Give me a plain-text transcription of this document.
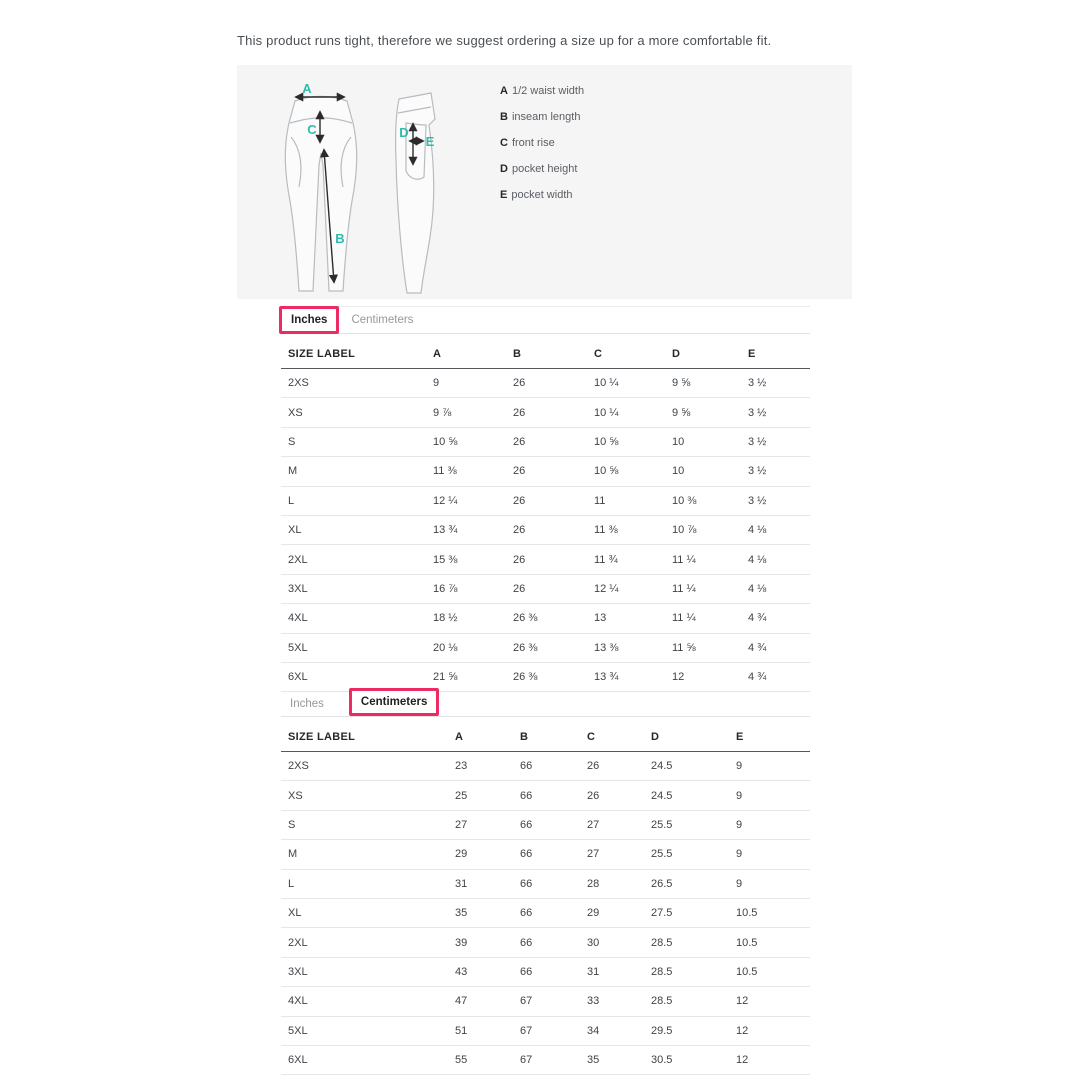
This product runs tight, therefore we suggest ordering a size up for a more comfortable fit.

A
B
C	D
E
A 1/2 waist width
B inseam length
C front rise
D pocket height
E pocket width
Inches	Centimeters
SIZE LABEL	A	B	C	D	E
2XS	9	26	10 ¼	9 ⅝	3 ½
XS	9 ⅞	26	10 ¼	9 ⅝	3 ½
S	10 ⅝	26	10 ⅝	10	3 ½
M	11 ⅜	26	10 ⅝	10	3 ½
L	12 ¼	26	11	10 ⅜	3 ½
XL	13 ¾	26	11 ⅜	10 ⅞	4 ⅛
2XL	15 ⅜	26	11 ¾	11 ¼	4 ⅛
3XL	16 ⅞	26	12 ¼	11 ¼	4 ⅛
4XL	18 ½	26 ⅜	13	11 ¼	4 ¾
5XL	20 ⅛	26 ⅜	13 ⅜	11 ⅝	4 ¾
6XL	21 ⅝	26 ⅜	13 ¾	12	4 ¾
Inches	Centimeters
SIZE LABEL	A	B	C	D	E
2XS	23	66	26	24.5	9
XS	25	66	26	24.5	9
S	27	66	27	25.5	9
M	29	66	27	25.5	9
L	31	66	28	26.5	9
XL	35	66	29	27.5	10.5
2XL	39	66	30	28.5	10.5
3XL	43	66	31	28.5	10.5
4XL	47	67	33	28.5	12
5XL	51	67	34	29.5	12
6XL	55	67	35	30.5	12
